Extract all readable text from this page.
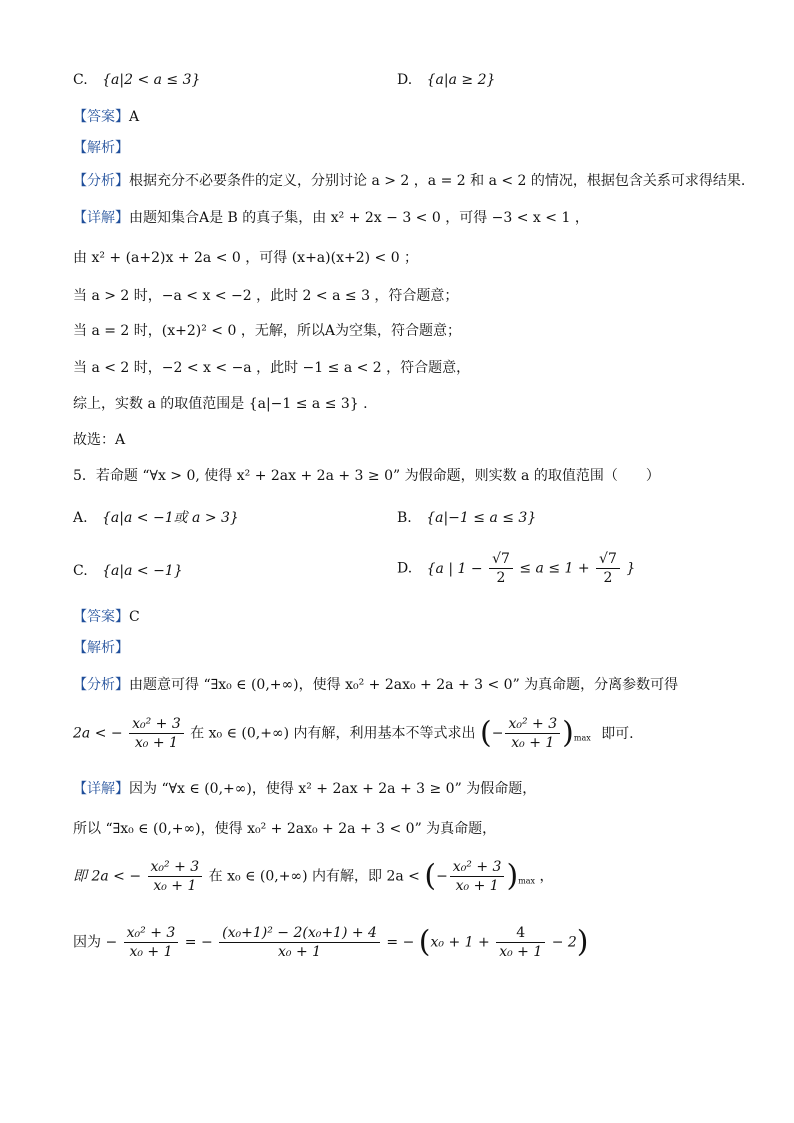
C. {a|2 < a ≤ 3}	D. {a|a ≥ 2}
【答案】A
【解析】
【分析】根据充分不必要条件的定义，分别讨论 a > 2 ，a = 2 和 a < 2 的情况，根据包含关系可求得结果.
【详解】由题知集合A是 B 的真子集，由 x² + 2x − 3 < 0 ，可得 −3 < x < 1 ，
由 x² + (a+2)x + 2a < 0 ，可得 (x+a)(x+2) < 0 ；
当 a > 2 时，−a < x < −2 ，此时 2 < a ≤ 3 ，符合题意；
当 a = 2 时，(x+2)² < 0 ，无解，所以A为空集，符合题意；
当 a < 2 时，−2 < x < −a ，此时 −1 ≤ a < 2 ，符合题意，
综上，实数 a 的取值范围是 {a|−1 ≤ a ≤ 3} .
故选：A
5．若命题 “∀x > 0, 使得 x² + 2ax + 2a + 3 ≥ 0” 为假命题，则实数 a 的取值范围（　　）
A. {a|a < −1或 a > 3}	B. {a|−1 ≤ a ≤ 3}
C. {a|a < −1}	D. {a | $1 - \frac{√7}{2} \le a \le 1 + \frac{√7}{2}$ }
【答案】C
【解析】
【分析】由题意可得 “∃x₀ ∈ (0,+∞)，使得 x₀² + 2ax₀ + 2a + 3 < 0” 为真命题，分离参数可得
2a < − $\frac{\text{x₀² + 3}}{\text{x₀ + 1}}$ 在 x₀ ∈ (0,+∞) 内有解，利用基本不等式求出 (− $\frac{\text{x₀² + 3}}{\text{x₀ + 1}} )_{max}$ 即可.
【详解】因为 “∀x ∈ (0,+∞)，使得 x² + 2ax + 2a + 3 ≥ 0” 为假命题，
所以 “∃x₀ ∈ (0,+∞)，使得 x₀² + 2ax₀ + 2a + 3 < 0” 为真命题，
即 2a < − $\frac{\text{x₀² + 3}}{\text{x₀ + 1}}$ 在 x₀ ∈ (0,+∞) 内有解，即 2a < (− $\frac{\text{x₀² + 3}}{\text{x₀ + 1}} )_{max}$ ，
因为 − $\frac{\text{x₀² + 3}}{\text{x₀ + 1}}$ = − $\frac{\text{(x₀+1)² − 2(x₀+1) + 4}}{\text{x₀ + 1}}$ = − $(x_0 + 1 + \frac{4}{\text{x₀ + 1}} - 2)$
